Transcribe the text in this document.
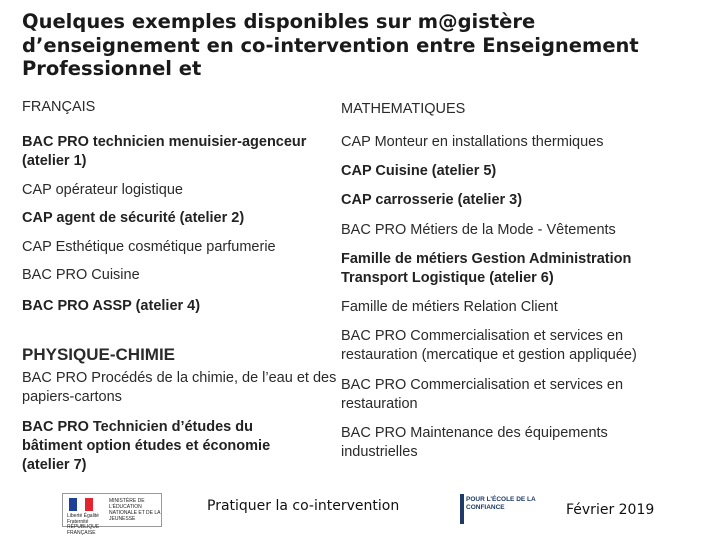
Quelques exemples disponibles sur m@gistère d’enseignement en co-intervention entre Enseignement Professionnel et
FRANÇAIS
BAC PRO technicien menuisier-agenceur (atelier 1)
CAP opérateur logistique
CAP agent de sécurité (atelier 2)
CAP Esthétique cosmétique parfumerie
BAC PRO Cuisine
BAC PRO ASSP (atelier 4)
PHYSIQUE-CHIMIE
BAC PRO Procédés de la chimie, de l’eau et des papiers-cartons
BAC PRO Technicien d’études du bâtiment option études et économie (atelier 7)
MATHEMATIQUES
CAP Monteur en installations thermiques
CAP Cuisine (atelier 5)
CAP carrosserie (atelier 3)
BAC PRO Métiers de la Mode - Vêtements
Famille de métiers Gestion Administration Transport Logistique (atelier 6)
Famille de métiers Relation Client
BAC PRO Commercialisation et services en restauration (mercatique et gestion appliquée)
BAC PRO Commercialisation et services en restauration
BAC PRO Maintenance des équipements industrielles
Liberté Égalité Fraternité RÉPUBLIQUE FRANÇAISE
MINISTÈRE DE L’ÉDUCATION NATIONALE ET DE LA JEUNESSE
Pratiquer la co-intervention	POUR L’ÉCOLE DE LA CONFIANCE	Février 2019
